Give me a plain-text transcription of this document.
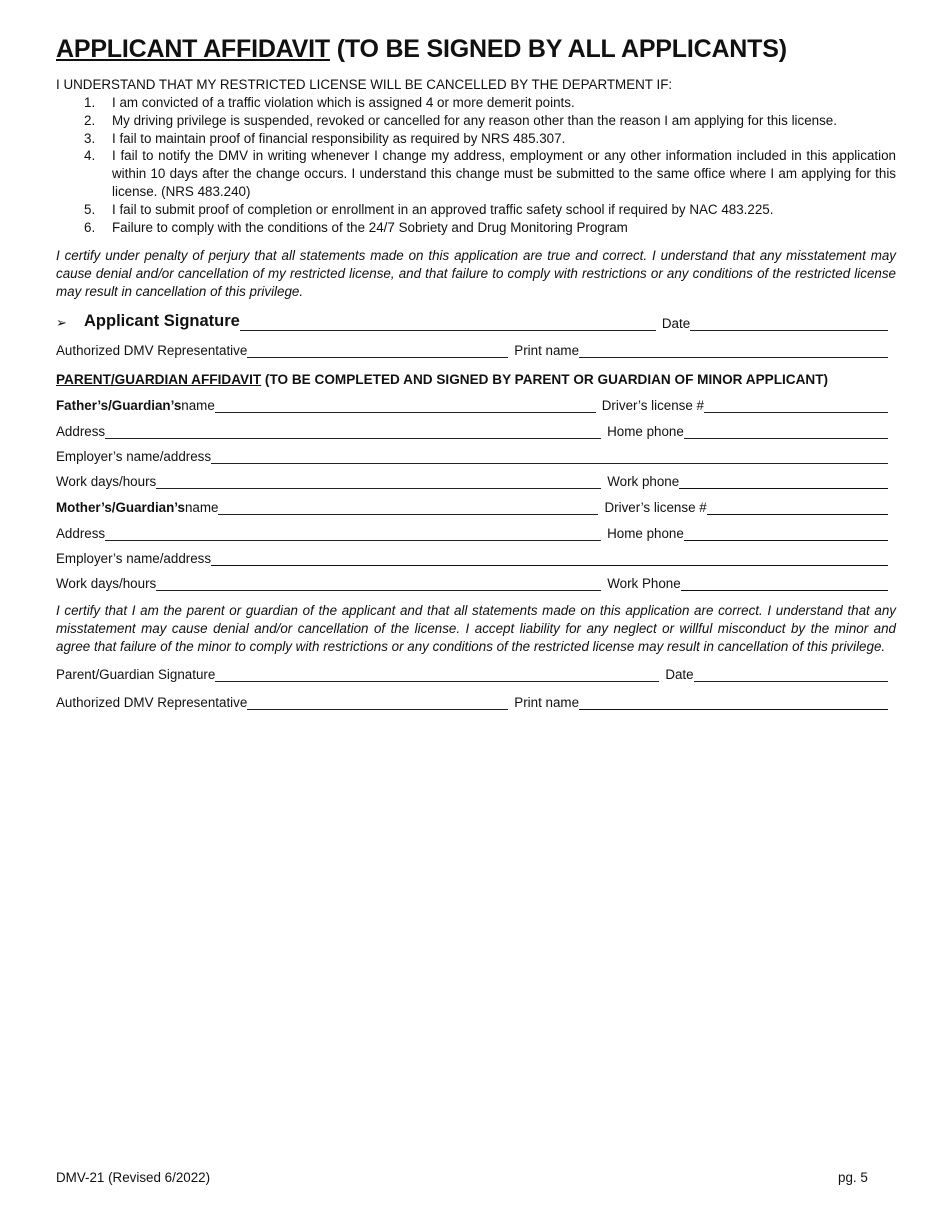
APPLICANT AFFIDAVIT (TO BE SIGNED BY ALL APPLICANTS)
I UNDERSTAND THAT MY RESTRICTED LICENSE WILL BE CANCELLED BY THE DEPARTMENT IF:
1.	I am convicted of a traffic violation which is assigned 4 or more demerit points.
2.	My driving privilege is suspended, revoked or cancelled for any reason other than the reason I am applying for this license.
3.	I fail to maintain proof of financial responsibility as required by NRS 485.307.
4.	I fail to notify the DMV in writing whenever I change my address, employment or any other information included in this application within 10 days after the change occurs. I understand this change must be submitted to the same office where I am applying for this license. (NRS 483.240)
5.	I fail to submit proof of completion or enrollment in an approved traffic safety school if required by NAC 483.225.
6.	Failure to comply with the conditions of the 24/7 Sobriety and Drug Monitoring Program
I certify under penalty of perjury that all statements made on this application are true and correct. I understand that any misstatement may cause denial and/or cancellation of my restricted license, and that failure to comply with restrictions or any conditions of the restricted license may result in cancellation of this privilege.
➢	Applicant Signature	Date
Authorized DMV Representative	Print name
PARENT/GUARDIAN AFFIDAVIT (TO BE COMPLETED AND SIGNED BY PARENT OR GUARDIAN OF MINOR APPLICANT)
Father’s/Guardian’s name	Driver’s license #
Address	Home phone
Employer’s name/address
Work days/hours	Work phone
Mother’s/Guardian’s name	Driver’s license #
Address	Home phone
Employer’s name/address
Work days/hours	Work Phone
I certify that I am the parent or guardian of the applicant and that all statements made on this application are correct. I understand that any misstatement may cause denial and/or cancellation of the license. I accept liability for any neglect or willful misconduct by the minor and agree that failure of the minor to comply with restrictions or any conditions of the restricted license may result in cancellation of this privilege.
Parent/Guardian Signature	Date
Authorized DMV Representative	Print name
DMV-21 (Revised 6/2022)	pg. 5
